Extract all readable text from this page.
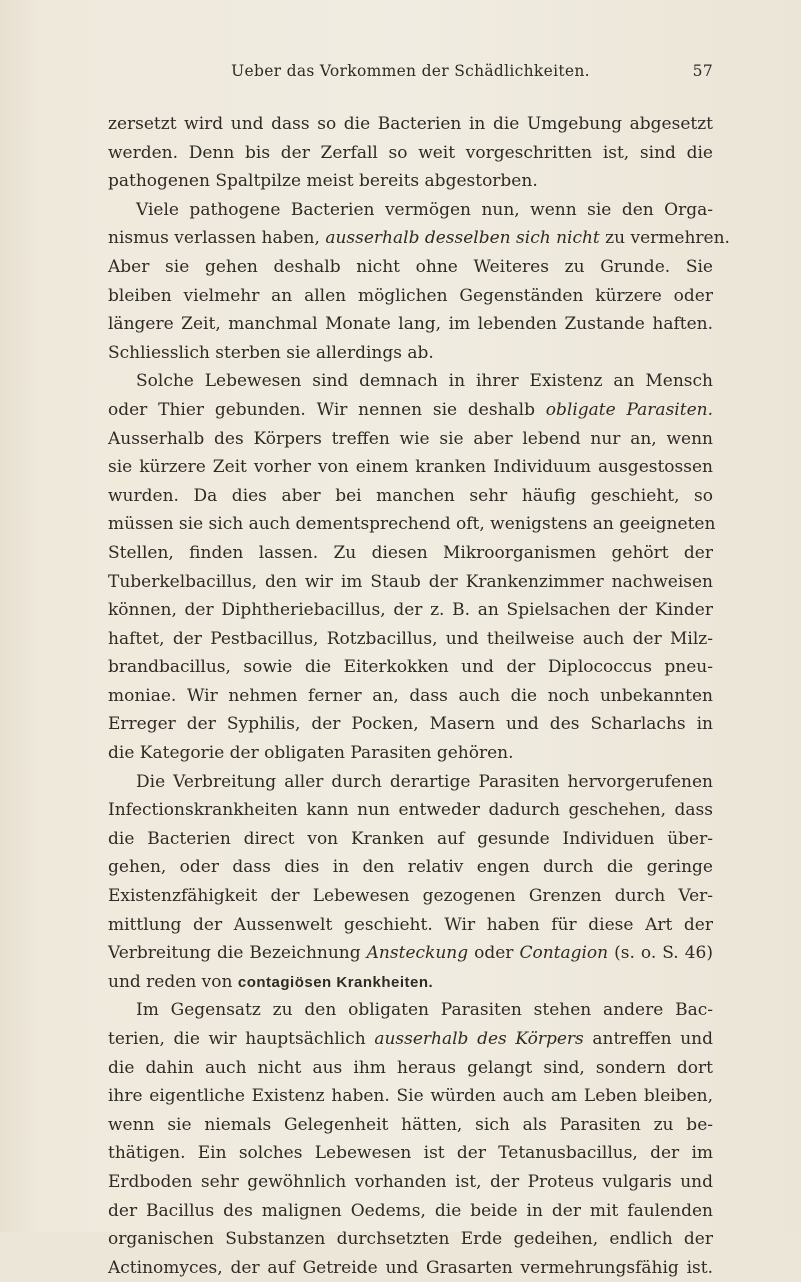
Ueber das Vorkommen der Schädlichkeiten.	57
zersetzt wird und dass so die Bacterien in die Umgebung abgesetzt
werden. Denn bis der Zerfall so weit vorgeschritten ist, sind die
pathogenen Spaltpilze meist bereits abgestorben.
Viele pathogene Bacterien vermögen nun, wenn sie den Orga-
nismus verlassen haben, ausserhalb desselben sich nicht zu vermehren.
Aber sie gehen deshalb nicht ohne Weiteres zu Grunde. Sie
bleiben vielmehr an allen möglichen Gegenständen kürzere oder
längere Zeit, manchmal Monate lang, im lebenden Zustande haften.
Schliesslich sterben sie allerdings ab.
Solche Lebewesen sind demnach in ihrer Existenz an Mensch
oder Thier gebunden. Wir nennen sie deshalb obligate Parasiten.
Ausserhalb des Körpers treffen wie sie aber lebend nur an, wenn
sie kürzere Zeit vorher von einem kranken Individuum ausgestossen
wurden. Da dies aber bei manchen sehr häufig geschieht, so
müssen sie sich auch dementsprechend oft, wenigstens an geeigneten
Stellen, finden lassen. Zu diesen Mikroorganismen gehört der
Tuberkelbacillus, den wir im Staub der Krankenzimmer nachweisen
können, der Diphtheriebacillus, der z. B. an Spielsachen der Kinder
haftet, der Pestbacillus, Rotzbacillus, und theilweise auch der Milz-
brandbacillus, sowie die Eiterkokken und der Diplococcus pneu-
moniae. Wir nehmen ferner an, dass auch die noch unbekannten
Erreger der Syphilis, der Pocken, Masern und des Scharlachs in
die Kategorie der obligaten Parasiten gehören.
Die Verbreitung aller durch derartige Parasiten hervorgerufenen
Infectionskrankheiten kann nun entweder dadurch geschehen, dass
die Bacterien direct von Kranken auf gesunde Individuen über-
gehen, oder dass dies in den relativ engen durch die geringe
Existenzfähigkeit der Lebewesen gezogenen Grenzen durch Ver-
mittlung der Aussenwelt geschieht. Wir haben für diese Art der
Verbreitung die Bezeichnung Ansteckung oder Contagion (s. o. S. 46)
und reden von contagiösen Krankheiten.
Im Gegensatz zu den obligaten Parasiten stehen andere Bac-
terien, die wir hauptsächlich ausserhalb des Körpers antreffen und
die dahin auch nicht aus ihm heraus gelangt sind, sondern dort
ihre eigentliche Existenz haben. Sie würden auch am Leben bleiben,
wenn sie niemals Gelegenheit hätten, sich als Parasiten zu be-
thätigen. Ein solches Lebewesen ist der Tetanusbacillus, der im
Erdboden sehr gewöhnlich vorhanden ist, der Proteus vulgaris und
der Bacillus des malignen Oedems, die beide in der mit faulenden
organischen Substanzen durchsetzten Erde gedeihen, endlich der
Actinomyces, der auf Getreide und Grasarten vermehrungsfähig ist.
